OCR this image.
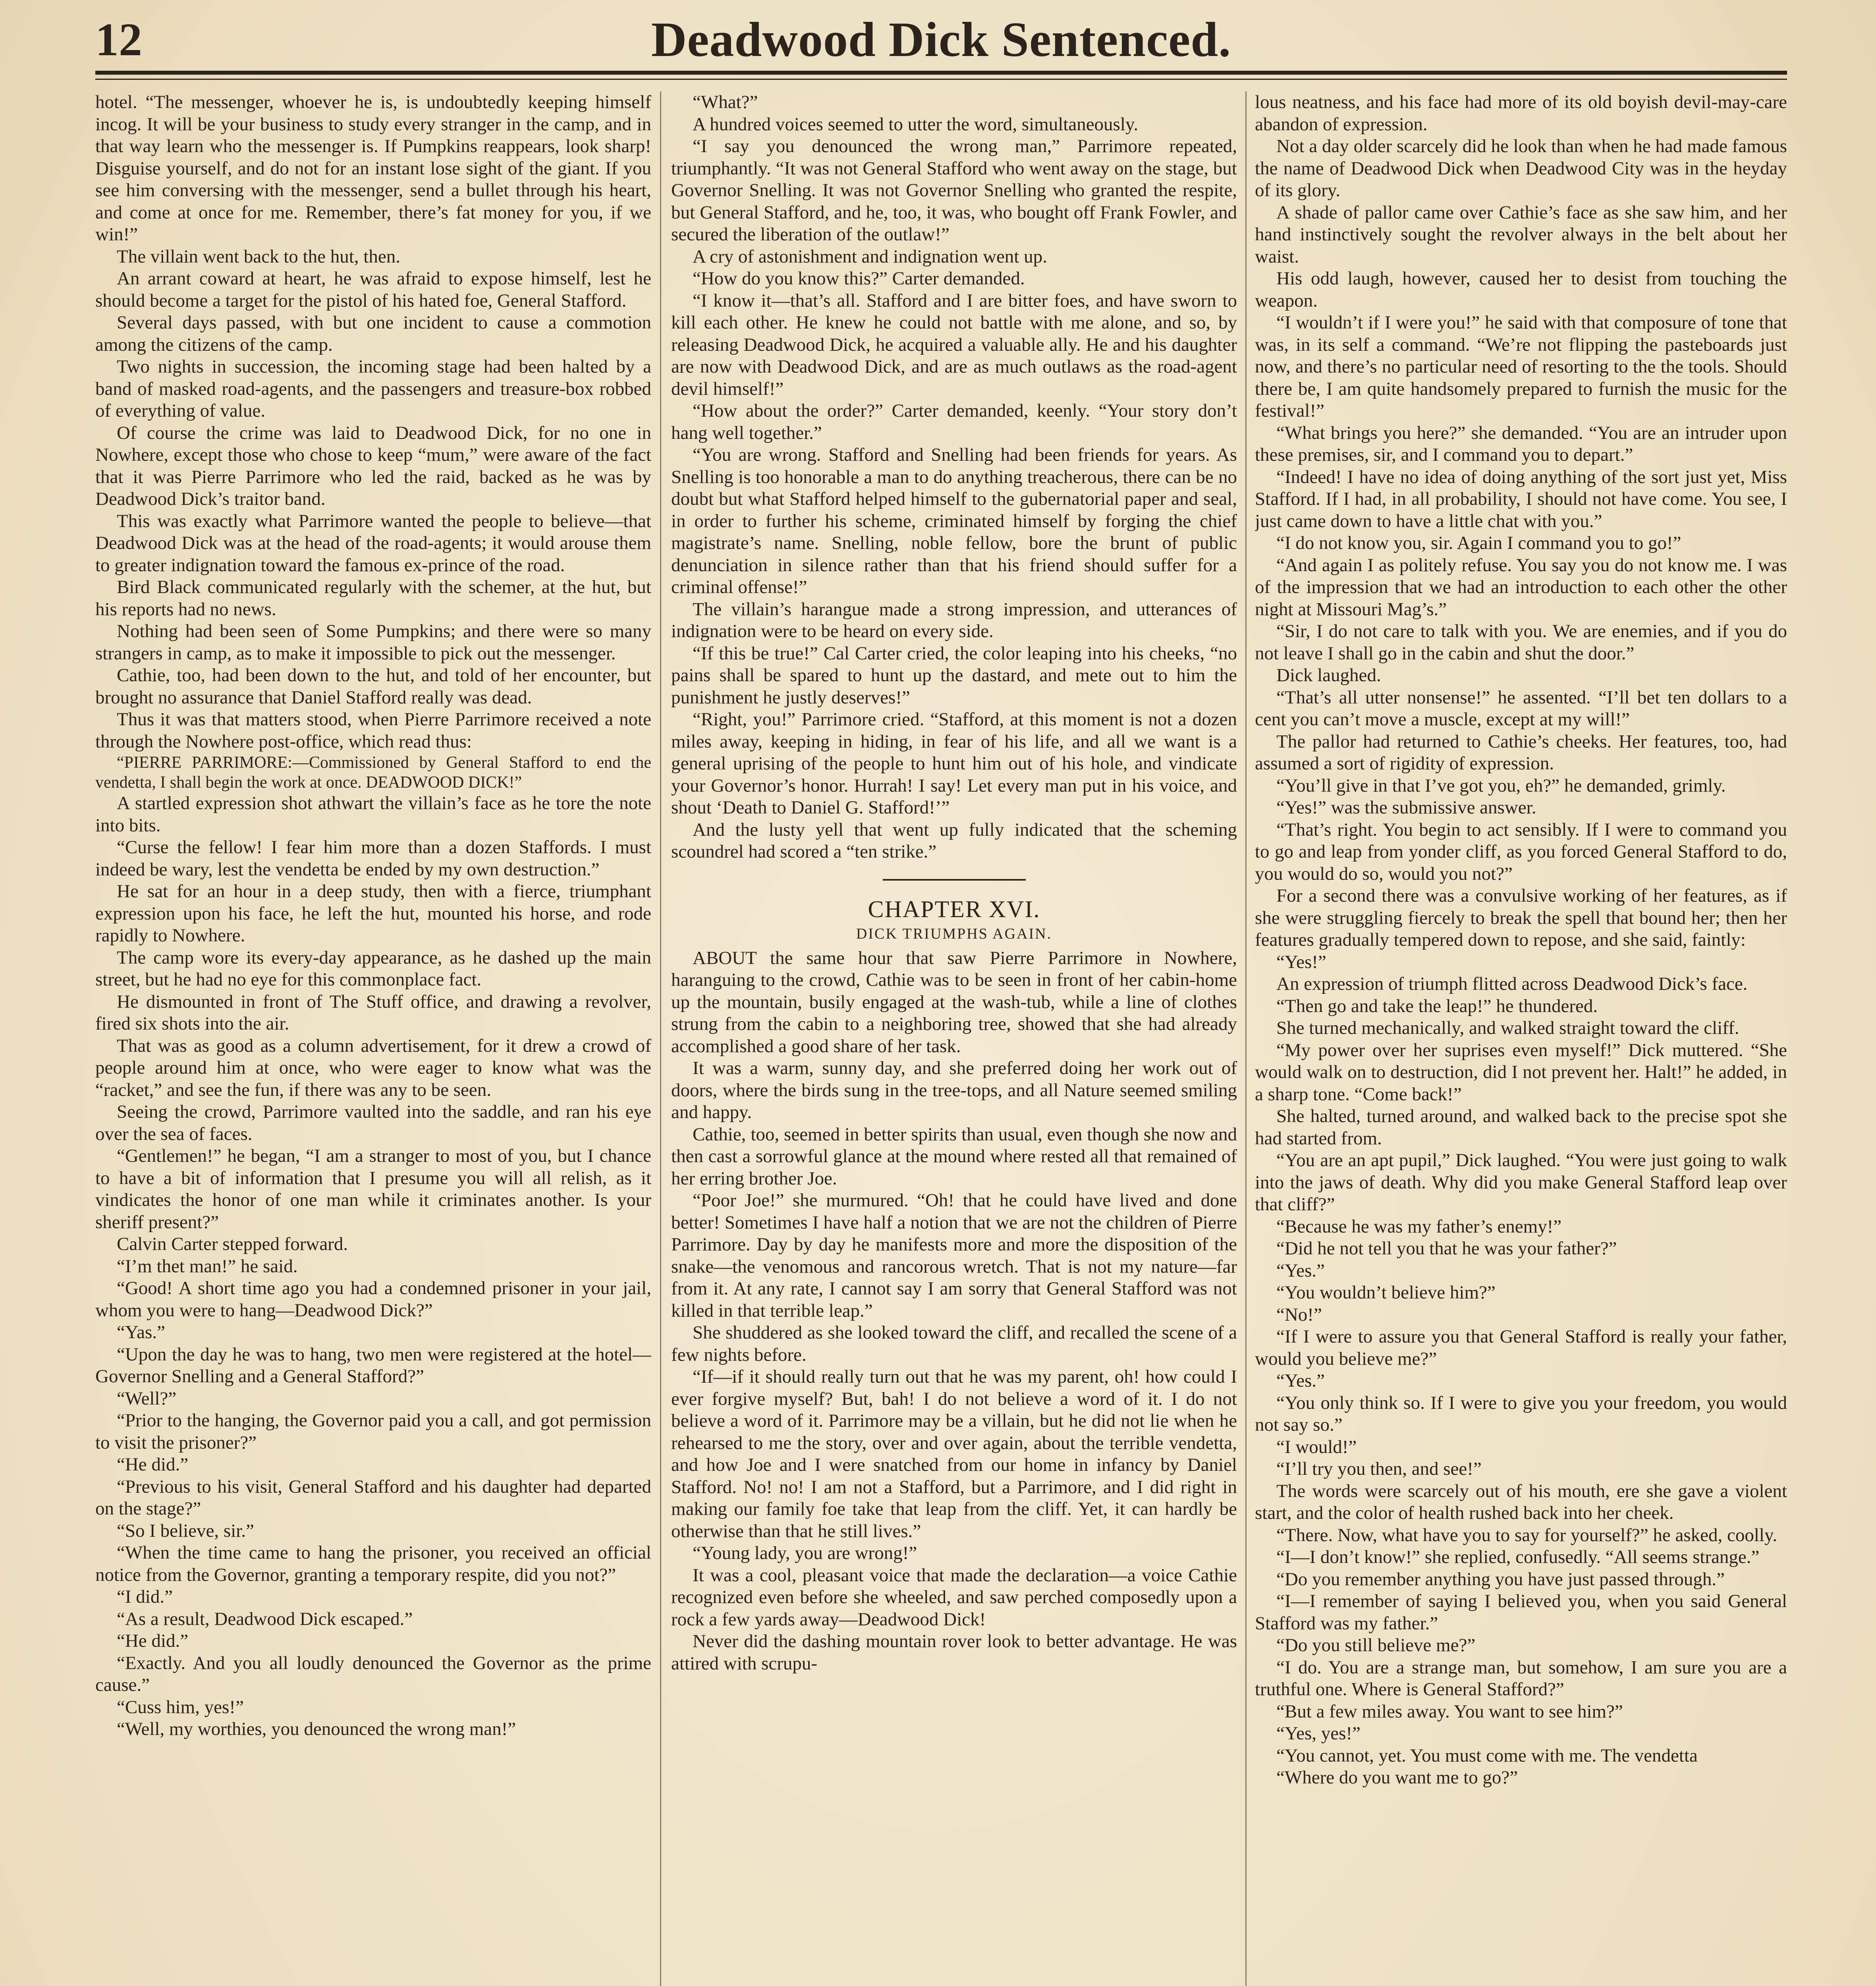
12	Deadwood Dick Sentenced.

hotel. “The messenger, whoever he is, is undoubtedly keeping himself incog. It will be your business to study every stranger in the camp, and in that way learn who the messenger is. If Pumpkins reappears, look sharp! Disguise yourself, and do not for an instant lose sight of the giant. If you see him conversing with the messenger, send a bullet through his heart, and come at once for me. Remember, there’s fat money for you, if we win!”

The villain went back to the hut, then.

An arrant coward at heart, he was afraid to expose himself, lest he should become a target for the pistol of his hated foe, General Stafford.

Several days passed, with but one incident to cause a commotion among the citizens of the camp.

Two nights in succession, the incoming stage had been halted by a band of masked road-agents, and the passengers and treasure-box robbed of everything of value.

Of course the crime was laid to Deadwood Dick, for no one in Nowhere, except those who chose to keep “mum,” were aware of the fact that it was Pierre Parrimore who led the raid, backed as he was by Deadwood Dick’s traitor band.

This was exactly what Parrimore wanted the people to believe—that Deadwood Dick was at the head of the road-agents; it would arouse them to greater indignation toward the famous ex-prince of the road.

Bird Black communicated regularly with the schemer, at the hut, but his reports had no news.

Nothing had been seen of Some Pumpkins; and there were so many strangers in camp, as to make it impossible to pick out the messenger.

Cathie, too, had been down to the hut, and told of her encounter, but brought no assurance that Daniel Stafford really was dead.

Thus it was that matters stood, when Pierre Parrimore received a note through the Nowhere post-office, which read thus:

“PIERRE PARRIMORE:—Commissioned by General Stafford to end the vendetta, I shall begin the work at once. DEADWOOD DICK!”

A startled expression shot athwart the villain’s face as he tore the note into bits.

“Curse the fellow! I fear him more than a dozen Staffords. I must indeed be wary, lest the vendetta be ended by my own destruction.”

He sat for an hour in a deep study, then with a fierce, triumphant expression upon his face, he left the hut, mounted his horse, and rode rapidly to Nowhere.

The camp wore its every-day appearance, as he dashed up the main street, but he had no eye for this commonplace fact.

He dismounted in front of The Stuff office, and drawing a revolver, fired six shots into the air.

That was as good as a column advertisement, for it drew a crowd of people around him at once, who were eager to know what was the “racket,” and see the fun, if there was any to be seen.

Seeing the crowd, Parrimore vaulted into the saddle, and ran his eye over the sea of faces.

“Gentlemen!” he began, “I am a stranger to most of you, but I chance to have a bit of information that I presume you will all relish, as it vindicates the honor of one man while it criminates another. Is your sheriff present?”

Calvin Carter stepped forward.

“I’m thet man!” he said.

“Good! A short time ago you had a condemned prisoner in your jail, whom you were to hang—Deadwood Dick?”

“Yas.”

“Upon the day he was to hang, two men were registered at the hotel—Governor Snelling and a General Stafford?”

“Well?”

“Prior to the hanging, the Governor paid you a call, and got permission to visit the prisoner?”

“He did.”

“Previous to his visit, General Stafford and his daughter had departed on the stage?”

“So I believe, sir.”

“When the time came to hang the prisoner, you received an official notice from the Governor, granting a temporary respite, did you not?”

“I did.”

“As a result, Deadwood Dick escaped.”

“He did.”

“Exactly. And you all loudly denounced the Governor as the prime cause.”

“Cuss him, yes!”

“Well, my worthies, you denounced the wrong man!”

“What?”

A hundred voices seemed to utter the word, simultaneously.

“I say you denounced the wrong man,” Parrimore repeated, triumphantly. “It was not General Stafford who went away on the stage, but Governor Snelling. It was not Governor Snelling who granted the respite, but General Stafford, and he, too, it was, who bought off Frank Fowler, and secured the liberation of the outlaw!”

A cry of astonishment and indignation went up.

“How do you know this?” Carter demanded.

“I know it—that’s all. Stafford and I are bitter foes, and have sworn to kill each other. He knew he could not battle with me alone, and so, by releasing Deadwood Dick, he acquired a valuable ally. He and his daughter are now with Deadwood Dick, and are as much outlaws as the road-agent devil himself!”

“How about the order?” Carter demanded, keenly. “Your story don’t hang well together.”

“You are wrong. Stafford and Snelling had been friends for years. As Snelling is too honorable a man to do anything treacherous, there can be no doubt but what Stafford helped himself to the gubernatorial paper and seal, in order to further his scheme, criminated himself by forging the chief magistrate’s name. Snelling, noble fellow, bore the brunt of public denunciation in silence rather than that his friend should suffer for a criminal offense!”

The villain’s harangue made a strong impression, and utterances of indignation were to be heard on every side.

“If this be true!” Cal Carter cried, the color leaping into his cheeks, “no pains shall be spared to hunt up the dastard, and mete out to him the punishment he justly deserves!”

“Right, you!” Parrimore cried. “Stafford, at this moment is not a dozen miles away, keeping in hiding, in fear of his life, and all we want is a general uprising of the people to hunt him out of his hole, and vindicate your Governor’s honor. Hurrah! I say! Let every man put in his voice, and shout ‘Death to Daniel G. Stafford!’”

And the lusty yell that went up fully indicated that the scheming scoundrel had scored a “ten strike.”

CHAPTER XVI.
DICK TRIUMPHS AGAIN.

ABOUT the same hour that saw Pierre Parrimore in Nowhere, haranguing to the crowd, Cathie was to be seen in front of her cabin-home up the mountain, busily engaged at the wash-tub, while a line of clothes strung from the cabin to a neighboring tree, showed that she had already accomplished a good share of her task.

It was a warm, sunny day, and she preferred doing her work out of doors, where the birds sung in the tree-tops, and all Nature seemed smiling and happy.

Cathie, too, seemed in better spirits than usual, even though she now and then cast a sorrowful glance at the mound where rested all that remained of her erring brother Joe.

“Poor Joe!” she murmured. “Oh! that he could have lived and done better! Sometimes I have half a notion that we are not the children of Pierre Parrimore. Day by day he manifests more and more the disposition of the snake—the venomous and rancorous wretch. That is not my nature—far from it. At any rate, I cannot say I am sorry that General Stafford was not killed in that terrible leap.”

She shuddered as she looked toward the cliff, and recalled the scene of a few nights before.

“If—if it should really turn out that he was my parent, oh! how could I ever forgive myself? But, bah! I do not believe a word of it. I do not believe a word of it. Parrimore may be a villain, but he did not lie when he rehearsed to me the story, over and over again, about the terrible vendetta, and how Joe and I were snatched from our home in infancy by Daniel Stafford. No! no! I am not a Stafford, but a Parrimore, and I did right in making our family foe take that leap from the cliff. Yet, it can hardly be otherwise than that he still lives.”

“Young lady, you are wrong!”

It was a cool, pleasant voice that made the declaration—a voice Cathie recognized even before she wheeled, and saw perched composedly upon a rock a few yards away—Deadwood Dick!

Never did the dashing mountain rover look to better advantage. He was attired with scrupu-

lous neatness, and his face had more of its old boyish devil-may-care abandon of expression.

Not a day older scarcely did he look than when he had made famous the name of Deadwood Dick when Deadwood City was in the heyday of its glory.

A shade of pallor came over Cathie’s face as she saw him, and her hand instinctively sought the revolver always in the belt about her waist.

His odd laugh, however, caused her to desist from touching the weapon.

“I wouldn’t if I were you!” he said with that composure of tone that was, in its self a command. “We’re not flipping the pasteboards just now, and there’s no particular need of resorting to the the tools. Should there be, I am quite handsomely prepared to furnish the music for the festival!”

“What brings you here?” she demanded. “You are an intruder upon these premises, sir, and I command you to depart.”

“Indeed! I have no idea of doing anything of the sort just yet, Miss Stafford. If I had, in all probability, I should not have come. You see, I just came down to have a little chat with you.”

“I do not know you, sir. Again I command you to go!”

“And again I as politely refuse. You say you do not know me. I was of the impression that we had an introduction to each other the other night at Missouri Mag’s.”

“Sir, I do not care to talk with you. We are enemies, and if you do not leave I shall go in the cabin and shut the door.”

Dick laughed.

“That’s all utter nonsense!” he assented. “I’ll bet ten dollars to a cent you can’t move a muscle, except at my will!”

The pallor had returned to Cathie’s cheeks. Her features, too, had assumed a sort of rigidity of expression.

“You’ll give in that I’ve got you, eh?” he demanded, grimly.

“Yes!” was the submissive answer.

“That’s right. You begin to act sensibly. If I were to command you to go and leap from yonder cliff, as you forced General Stafford to do, you would do so, would you not?”

For a second there was a convulsive working of her features, as if she were struggling fiercely to break the spell that bound her; then her features gradually tempered down to repose, and she said, faintly:

“Yes!”

An expression of triumph flitted across Deadwood Dick’s face.

“Then go and take the leap!” he thundered.

She turned mechanically, and walked straight toward the cliff.

“My power over her suprises even myself!” Dick muttered. “She would walk on to destruction, did I not prevent her. Halt!” he added, in a sharp tone. “Come back!”

She halted, turned around, and walked back to the precise spot she had started from.

“You are an apt pupil,” Dick laughed. “You were just going to walk into the jaws of death. Why did you make General Stafford leap over that cliff?”

“Because he was my father’s enemy!”

“Did he not tell you that he was your father?”

“Yes.”

“You wouldn’t believe him?”

“No!”

“If I were to assure you that General Stafford is really your father, would you believe me?”

“Yes.”

“You only think so. If I were to give you your freedom, you would not say so.”

“I would!”

“I’ll try you then, and see!”

The words were scarcely out of his mouth, ere she gave a violent start, and the color of health rushed back into her cheek.

“There. Now, what have you to say for yourself?” he asked, coolly.

“I—I don’t know!” she replied, confusedly. “All seems strange.”

“Do you remember anything you have just passed through.”

“I—I remember of saying I believed you, when you said General Stafford was my father.”

“Do you still believe me?”

“I do. You are a strange man, but somehow, I am sure you are a truthful one. Where is General Stafford?”

“But a few miles away. You want to see him?”

“Yes, yes!”

“You cannot, yet. You must come with me. The vendetta

“Where do you want me to go?”
